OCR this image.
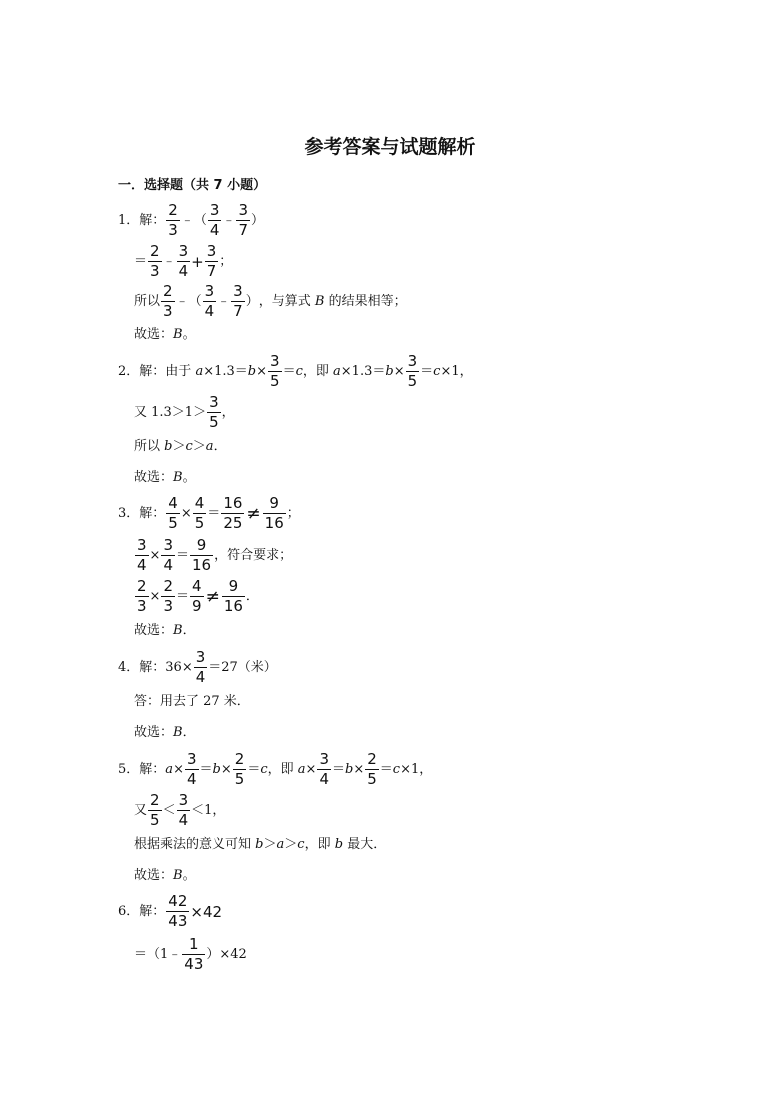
参考答案与试题解析
一．选择题（共 7 小题）
1． 解： $\frac{2}{3}$ ﹣ （ $\frac{3}{4}$ ﹣ $\frac{3}{7}$ ）
＝ $\frac{2}{3}$ ﹣ $\frac{3}{4} + \frac{3}{7}$ ；
所以 $\frac{2}{3}$ ﹣ （ $\frac{3}{4}$ ﹣ $\frac{3}{7}$ ） ，与算式
B
的结果相等；
故选： B 。
2． 解：由于
$a \times 1.3= b \times \frac{3}{5} = c$ ，即
$a \times 1.3= b \times \frac{3}{5} = c \times 1$，
又 $1.3>1> \frac{3}{5}$ ，
所以
b ＞ c ＞ a ．
故选： B 。
3． 解： $\frac{4}{5} \times \frac{4}{5} = \frac{16}{25} \ne \frac{9}{16}$ ；
$\frac{3}{4} \times \frac{3}{4} = \frac{9}{16}$ ，符合要求；
$\frac{2}{3} \times \frac{2}{3} = \frac{4}{9} \ne \frac{9}{16}$ ．
故选： B ．
4． 解：$36\times \frac{3}{4} =27$（米）
答：用去了 27 米．
故选： B ．
5． 解： $a \times \frac{3}{4} = b \times \frac{2}{5} = c$ ，即
$a \times \frac{3}{4} = b \times \frac{2}{5} = c \times 1$，
又 $\frac{2}{5} < \frac{3}{4} <1$，
根据乘法的意义可知
b ＞ a ＞ c ，即
b
最大．
故选： B 。
6． 解： $\frac{42}{43} \times 42$
＝（1﹣ $\frac{1}{43} )\times 42$
